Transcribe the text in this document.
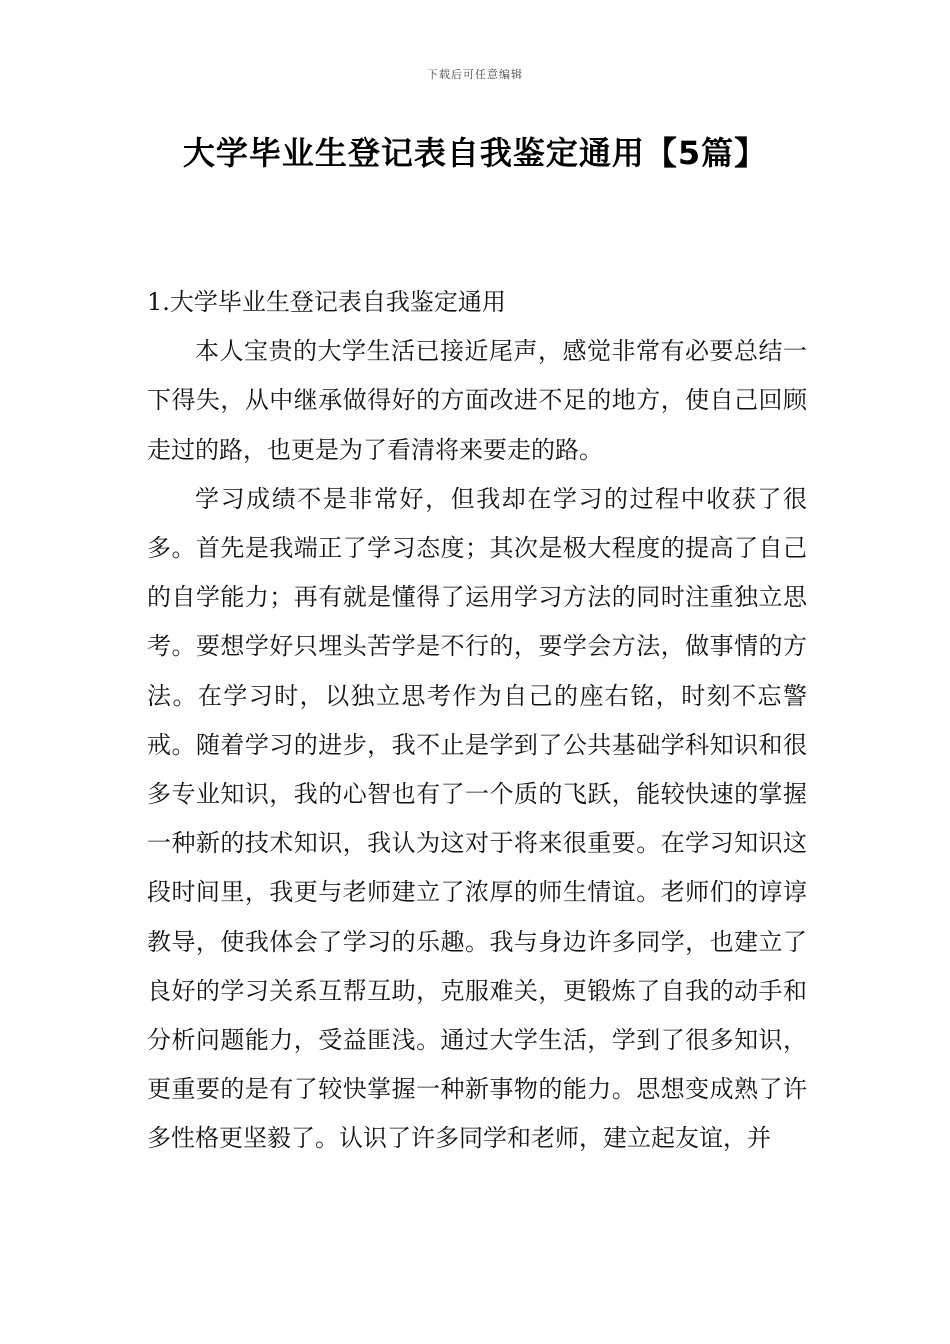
下载后可任意编辑
大学毕业生登记表自我鉴定通用【5篇】

1.大学毕业生登记表自我鉴定通用

本人宝贵的大学生活已接近尾声，感觉非常有必要总结一下得失，从中继承做得好的方面改进不足的地方，使自己回顾走过的路，也更是为了看清将来要走的路。

学习成绩不是非常好，但我却在学习的过程中收获了很多。首先是我端正了学习态度；其次是极大程度的提高了自己的自学能力；再有就是懂得了运用学习方法的同时注重独立思考。要想学好只埋头苦学是不行的，要学会方法，做事情的方法。在学习时，以独立思考作为自己的座右铭，时刻不忘警戒。随着学习的进步，我不止是学到了公共基础学科知识和很多专业知识，我的心智也有了一个质的飞跃，能较快速的掌握一种新的技术知识，我认为这对于将来很重要。在学习知识这段时间里，我更与老师建立了浓厚的师生情谊。老师们的谆谆教导，使我体会了学习的乐趣。我与身边许多同学，也建立了良好的学习关系互帮互助，克服难关，更锻炼了自我的动手和分析问题能力，受益匪浅。通过大学生活，学到了很多知识，更重要的是有了较快掌握一种新事物的能力。思想变成熟了许多性格更坚毅了。认识了许多同学和老师，建立起友谊，并
